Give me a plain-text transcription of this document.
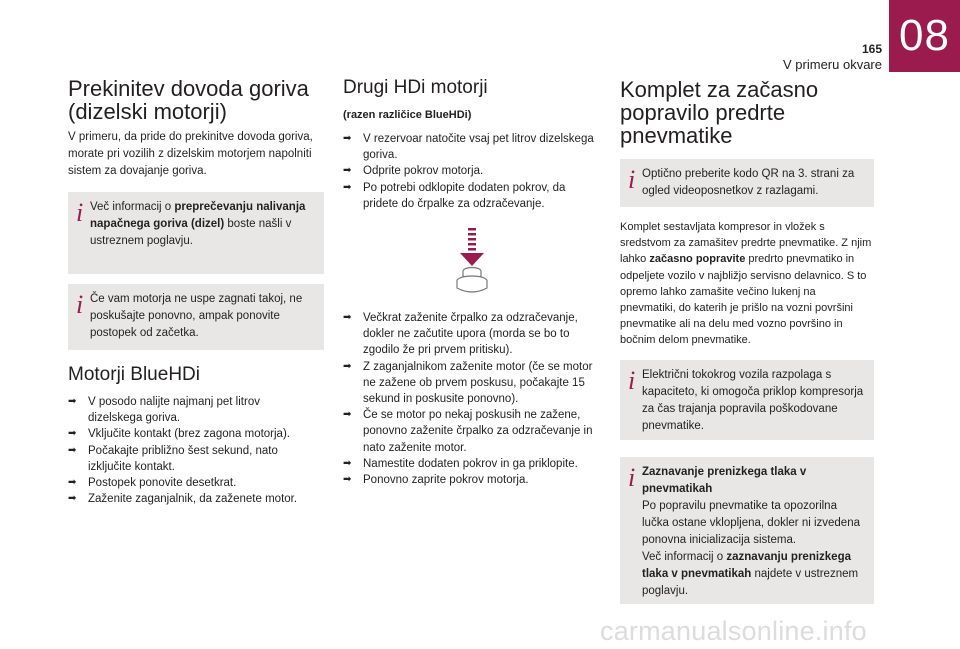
165
V primeru okvare
08
Prekinitev dovoda goriva
(dizelski motorji)

V primeru, da pride do prekinitve dovoda goriva, morate pri vozilih z dizelskim motorjem napolniti sistem za dovajanje goriva.

i Več informacij o preprečevanju nalivanja napačnega goriva (dizel) boste našli v ustreznem poglavju.
i Če vam motorja ne uspe zagnati takoj, ne poskušajte ponovno, ampak ponovite postopek od začetka.
Motorji BlueHDi
➡︎ V posodo nalijte najmanj pet litrov dizelskega goriva.
➡︎ Vključite kontakt (brez zagona motorja).
➡︎ Počakajte približno šest sekund, nato izključite kontakt.
➡︎ Postopek ponovite desetkrat.
➡︎ Zaženite zaganjalnik, da zaženete motor.
Drugi HDi motorji
(razen različice BlueHDi)
➡︎ V rezervoar natočite vsaj pet litrov dizelskega goriva.
➡︎ Odprite pokrov motorja.
➡︎ Po potrebi odklopite dodaten pokrov, da pridete do črpalke za odzračevanje.
➡︎ Večkrat zaženite črpalko za odzračevanje, dokler ne začutite upora (morda se bo to zgodilo že pri prvem pritisku).
➡︎ Z zaganjalnikom zaženite motor (če se motor ne zažene ob prvem poskusu, počakajte 15 sekund in poskusite ponovno).
➡︎ Če se motor po nekaj poskusih ne zažene, ponovno zaženite črpalko za odzračevanje in nato zaženite motor.
➡︎ Namestite dodaten pokrov in ga priklopite.
➡︎ Ponovno zaprite pokrov motorja.
Komplet za začasno
popravilo predrte
pnevmatike
i Optično preberite kodo QR na 3. strani za ogled videoposnetkov z razlagami.

Komplet sestavljata kompresor in vložek s sredstvom za zamašitev predrte pnevmatike. Z njim lahko začasno popravite predrto pnevmatiko in odpeljete vozilo v najbližjo servisno delavnico. S to opremo lahko zamašite večino lukenj na pnevmatiki, do katerih je prišlo na vozni površini pnevmatike ali na delu med vozno površino in bočnim delom pnevmatike.

i Električni tokokrog vozila razpolaga s kapaciteto, ki omogoča priklop kompresorja za čas trajanja popravila poškodovane pnevmatike.
i Zaznavanje prenizkega tlaka v pnevmatikah
Po popravilu pnevmatike ta opozorilna lučka ostane vklopljena, dokler ni izvedena ponovna inicializacija sistema.
Več informacij o zaznavanju prenizkega tlaka v pnevmatikah najdete v ustreznem poglavju.
carmanualsonline.info
